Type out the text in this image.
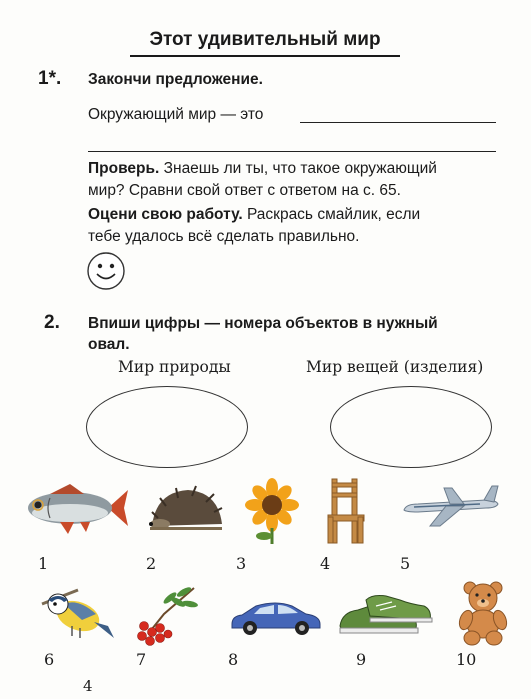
Этот удивительный мир
1*. Закончи предложение.
Окружающий мир — это
Проверь. Знаешь ли ты, что такое окружающий
мир? Сравни свой ответ с ответом на с. 65.
Оцени свою работу. Раскрась смайлик, если
тебе удалось всё сделать правильно.
2. Впиши цифры — номера объектов в нужный
овал.
Мир природы	Мир вещей (изделия)
1	2	3	4	5
6	7	8	9	10
4
